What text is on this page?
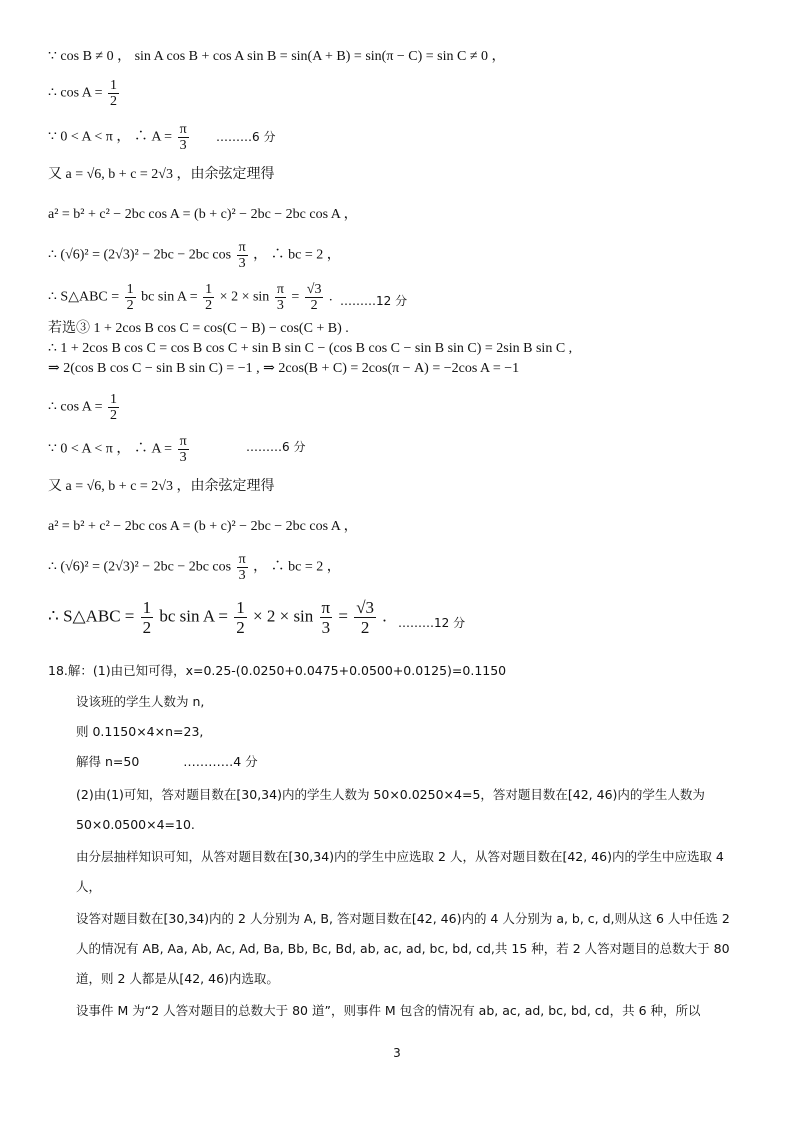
∵ cos B ≠ 0 ， sin A cos B + cos A sin B = sin(A + B) = sin(π − C) = sin C ≠ 0 ，
∴ $\cos A = \frac{1}{2}$
∵ 0 < A < π ， ∴ $A = \frac{\pi}{3}$ ………6 分
又 a = √6, b + c = 2√3 ，由余弦定理得
a² = b² + c² − 2bc cos A = (b + c)² − 2bc − 2bc cos A ，
∴ (√6)² = (2√3)² − 2bc − 2bc $\cos \frac{\pi}{3}$ ， ∴ bc = 2 ，
∴ S△ABC = $\frac{1}{2}$ bc $\sin A = \frac{1}{2} \times 2 \times \sin \frac{\pi}{3} = \frac{√3}{2}$ . ………12 分
若选③ 1 + 2cos B cos C = cos(C − B) − cos(C + B) .
∴ 1 + 2cos B cos C = cos B cos C + sin B sin C − (cos B cos C − sin B sin C) = 2sin B sin C ,
⇒ 2(cos B cos C − sin B sin C) = −1 , ⇒ 2cos(B + C) = 2cos(π − A) = −2cos A = −1
∴ $\cos A = \frac{1}{2}$
∵ 0 < A < π ， ∴ $A = \frac{\pi}{3}$	………6 分
又 a = √6, b + c = 2√3 ，由余弦定理得
a² = b² + c² − 2bc cos A = (b + c)² − 2bc − 2bc cos A ，
∴ (√6)² = (2√3)² − 2bc − 2bc $\cos \frac{\pi}{3}$ ， ∴ bc = 2 ，
∴ S△ABC = $\frac{1}{2}$ bc $\sin A = \frac{1}{2} \times 2 \times \sin \frac{\pi}{3} = \frac{√3}{2}$ . ………12 分
18.解：(1)由已知可得，x=0.25-(0.0250+0.0475+0.0500+0.0125)=0.1150
设该班的学生人数为 n,
则 0.1150×4×n=23,
解得 n=50	…………4 分
(2)由(1)可知，答对题目数在[30,34)内的学生人数为 50×0.0250×4=5，答对题目数在[42, 46)内的学生人数为 50×0.0500×4=10.
由分层抽样知识可知，从答对题目数在[30,34)内的学生中应选取 2 人，从答对题目数在[42, 46)内的学生中应选取 4 人，
设答对题目数在[30,34)内的 2 人分别为 A, B, 答对题目数在[42, 46)内的 4 人分别为 a, b, c, d,则从这 6 人中任选 2 人的情况有 AB, Aa, Ab, Ac, Ad, Ba, Bb, Bc, Bd, ab, ac, ad, bc, bd, cd,共 15 种，若 2 人答对题目的总数大于 80 道，则 2 人都是从[42, 46)内选取。
设事件 M 为“2 人答对题目的总数大于 80 道”，则事件 M 包含的情况有 ab, ac, ad, bc, bd, cd，共 6 种，所以
3
